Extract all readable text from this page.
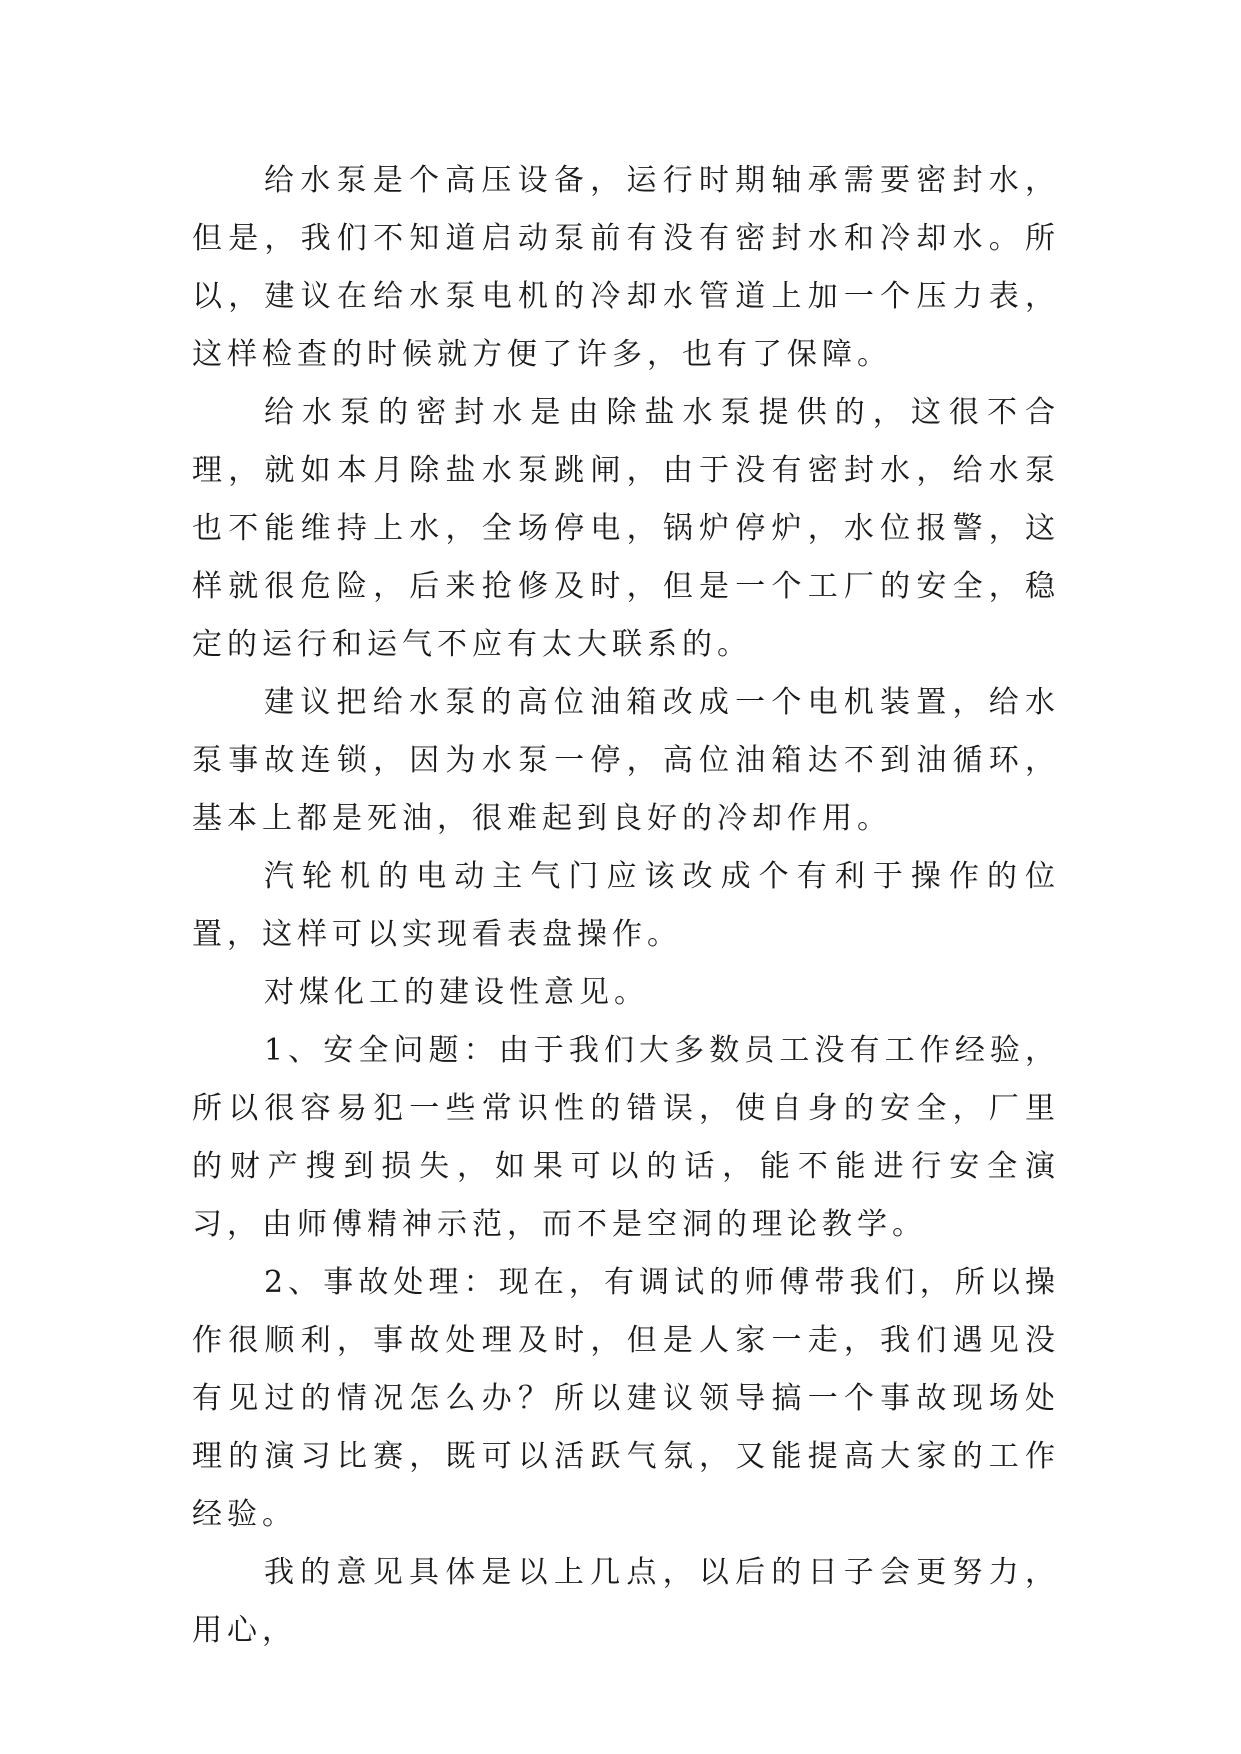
给水泵是个高压设备，运行时期轴承需要密封水，但是，我们不知道启动泵前有没有密封水和冷却水。所以，建议在给水泵电机的冷却水管道上加一个压力表，这样检查的时候就方便了许多，也有了保障。

给水泵的密封水是由除盐水泵提供的，这很不合理，就如本月除盐水泵跳闸，由于没有密封水，给水泵也不能维持上水，全场停电，锅炉停炉，水位报警，这样就很危险，后来抢修及时，但是一个工厂的安全，稳定的运行和运气不应有太大联系的。

建议把给水泵的高位油箱改成一个电机装置，给水泵事故连锁，因为水泵一停，高位油箱达不到油循环，基本上都是死油，很难起到良好的冷却作用。

汽轮机的电动主气门应该改成个有利于操作的位置，这样可以实现看表盘操作。

对煤化工的建设性意见。

1、安全问题：由于我们大多数员工没有工作经验，所以很容易犯一些常识性的错误，使自身的安全，厂里的财产搜到损失，如果可以的话，能不能进行安全演习，由师傅精神示范，而不是空洞的理论教学。

2、事故处理：现在，有调试的师傅带我们，所以操作很顺利，事故处理及时，但是人家一走，我们遇见没有见过的情况怎么办？所以建议领导搞一个事故现场处理的演习比赛，既可以活跃气氛，又能提高大家的工作经验。

我的意见具体是以上几点，以后的日子会更努力，用心，
